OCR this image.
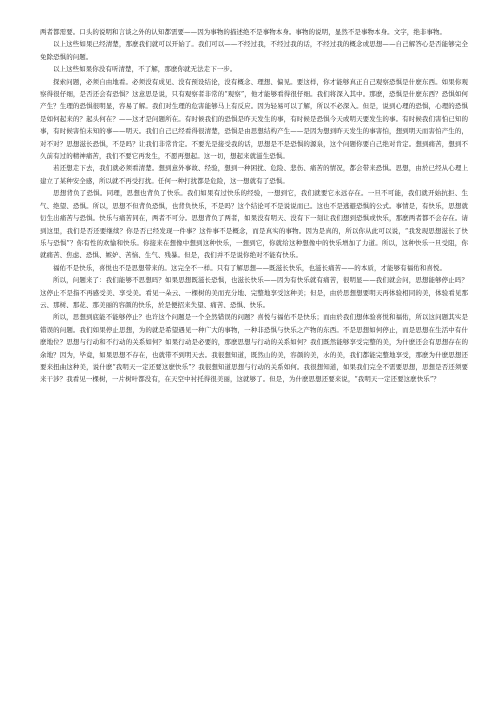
两者都需要。口头的说明和言谈之外的认知都需要——因为事物的描述绝不是事物本身。事物的说明，显然不是事物本身。文字，绝非事物。

以上这些如果已经清楚，那麽我们就可以开始了。我们可以——不经过我，不经过我的话，不经过我的概念或思想——自己解答心是否能够完全免除恐惧的问题。

以上这些如果你没有听清楚，不了解，那麽你就无法走下一步。

探索问题，必须自由地看。必须没有成见、没有预设结论，没有概念、理想、偏见。要这样，你才能够真正自己观察恐惧是什麽东西。如果你观察得很仔细，是否还会有恐惧？这意思是说，只有观察者非常的“观察”，他才能够看得很仔细。我们将深入其中。那麽，恐惧是什麽东西？恐惧如何产生？生理的恐惧很明显，容易了解。我们对生理的危害能够马上有反应。因为轻易可以了解，所以不必深入。但是，说到心理的恐惧，心理的恐惧是如何起来的？起头何在？——这才是问题所在。有时候我们的恐惧是昨天发生的事，有时候是恐惧今天或明天要发生的事。有时候我们害怕已知的事，有时候害怕未知的事——明天。我们自己已经看得很清楚，恐惧是由思想结构产生——是因为想到昨天发生的事害怕，想到明天而害怕产生的，对不对？思想滋长恐惧，不是吗？让我们非常肯定。不要光是接受我的话，思想是不是恐惧的源泉，这个问题你要自己绝对肯定。想到痛苦，想到不久前有过的精神痛苦，我们不要它再发生，不愿再想起。这一切，想起来就滋生恐惧。

若还想走下去，我们就必须看清楚。想到意外事故、经验，想到一种困扰、危险、悲伤、痛苦的情况，都会带来恐惧。思想，由於已经从心理上建立了某种安全感，所以就不再受打扰。任何一种打扰都是危险，这一想就有了恐惧。

思想背负了恐惧。同理，思想也背负了快乐。我们如果有过快乐的经验，一想到它，我们就要它永远存在。一旦不可能，我们就开始抗拒、生气、绝望、恐惧。所以，思想不但背负恐惧，也背负快乐，不是吗？这个结论可不是说说而已。这也不是逃避恐惧的公式。事情是，有快乐，思想就衍生出痛苦与恐惧。快乐与痛苦同在，两者不可分。思想背负了两者，如果没有明天、没有下一刻让我们想到恐惧或快乐，那麽两者都不会存在。请到这里，我们是否还要继续？你是否已经发现一件事？这件事不是概念，而是真实的事物。因为是真的，所以你从此可以说，“我发现思想滋长了快乐与恐惧”？你有性的欢愉和快乐。你接来在想像中想到这种快乐，一想到它，你就给这种想像中的快乐增加了力道。所以，这种快乐一旦受阻，你就痛苦、焦虑、恐惧、嫉妒、苦恼、生气、残暴。但是，我们并不是说你绝对不能有快乐。

福佑不是快乐，喜悦也不是思想带来的。这完全不一样。只有了解思想——既滋长快乐，也滋长痛苦——的本质，才能够有福佑和喜悦。

所以，问题来了：我们能够不思想吗？如果思想既滋长恐惧，也滋长快乐——因为有快乐就有痛苦，很明显——我们就会问，思想能够停止吗？这停止不是指不再感受美、享受美。看见一朵云、一棵树的美而充分地、完整地享受这种美；但是，由於思想想要明天再体验相同的美，体验看见那云、那树、那花、那美丽的容颜的快乐，於是便招来失望、痛苦、恐惧、快乐。

所以，思想到底能不能够停止？也许这个问题是一个全然错误的问题？喜悦与福佑不是快乐；而由於我们想体验喜悦和福佑，所以这问题其实是错误的问题。我们如果停止思想，为的就是希望遇见一种广大的事物，一种非恐惧与快乐之产物的东西。不是思想如何停止，而是思想在生活中有什麽地位？思想与行动和不行动的关系如何？如果行动是必要的，那麽思想与行动的关系如何？我们既然能够享受完整的美，为什麽还会有思想存在的余地？因为，毕竟，如果思想不存在，也就带不到明天去。我很想知道，既然山的美，容颜的美，水的美，我们都能完整地享受，那麽为什麽思想还要来扭曲这种美，说什麽“我明天一定还要这麽快乐”？我很想知道思想与行动的关系如何。我很想知道，如果我们完全不需要思想，思想是否还须要来干涉？我看见一棵树，一片树叶都没有，在天空中衬托得很美丽，这就够了。但是，为什麽思想还要来说，“我明天一定还要这麽快乐”？
